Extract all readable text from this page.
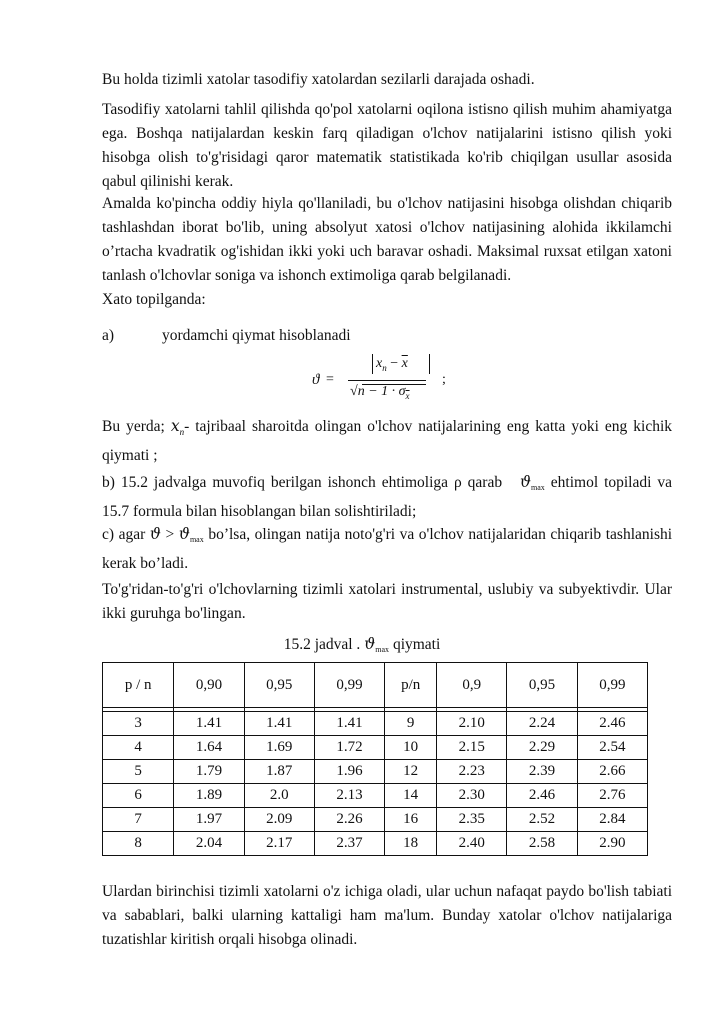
Bu holda tizimli xatolar tasodifiy xatolardan sezilarli darajada oshadi.

Tasodifiy xatolarni tahlil qilishda qo'pol xatolarni oqilona istisno qilish muhim ahamiyatga ega. Boshqa natijalardan keskin farq qiladigan o'lchov natijalarini istisno qilish yoki hisobga olish to'g'risidagi qaror matematik statistikada ko'rib chiqilgan usullar asosida qabul qilinishi kerak.

Amalda ko'pincha oddiy hiyla qo'llaniladi, bu o'lchov natijasini hisobga olishdan chiqarib tashlashdan iborat bo'lib, uning absolyut xatosi o'lchov natijasining alohida ikkilamchi o’rtacha kvadratik og'ishidan ikki yoki uch baravar oshadi. Maksimal ruxsat etilgan xatoni tanlash o'lchovlar soniga va ishonch extimoliga qarab belgilanadi.

Xato topilganda:

a)	yordamchi qiymat hisoblanadi
ϑ =
$x_n - \overline{x}$
$√n - 1 \cdot \sigma_{\overline{x}}$
;

Bu yerda; $x_n-$ tajribaal sharoitda olingan o'lchov natijalarining eng katta yoki eng kichik qiymati ;

b) 15.2 jadvalga muvofiq berilgan ishonch ehtimoliga ρ qarab ϑmax ehtimol topiladi va 15.7 formula bilan hisoblangan bilan solishtiriladi;

c) agar ϑ > ϑmax bo’lsa, olingan natija noto'g'ri va o'lchov natijalaridan chiqarib tashlanishi kerak bo’ladi.

To'g'ridan-to'g'ri o'lchovlarning tizimli xatolari instrumental, uslubiy va subyektivdir. Ular ikki guruhga bo'lingan.

15.2 jadval . ϑmax qiymati
p / n	0,90	0,95	0,99	p/n	0,9	0,95	0,99

3	1.41	1.41	1.41	9	2.10	2.24	2.46
4	1.64	1.69	1.72	10	2.15	2.29	2.54
5	1.79	1.87	1.96	12	2.23	2.39	2.66
6	1.89	2.0	2.13	14	2.30	2.46	2.76
7	1.97	2.09	2.26	16	2.35	2.52	2.84
8	2.04	2.17	2.37	18	2.40	2.58	2.90

Ulardan birinchisi tizimli xatolarni o'z ichiga oladi, ular uchun nafaqat paydo bo'lish tabiati va sabablari, balki ularning kattaligi ham ma'lum. Bunday xatolar o'lchov natijalariga tuzatishlar kiritish orqali hisobga olinadi.
